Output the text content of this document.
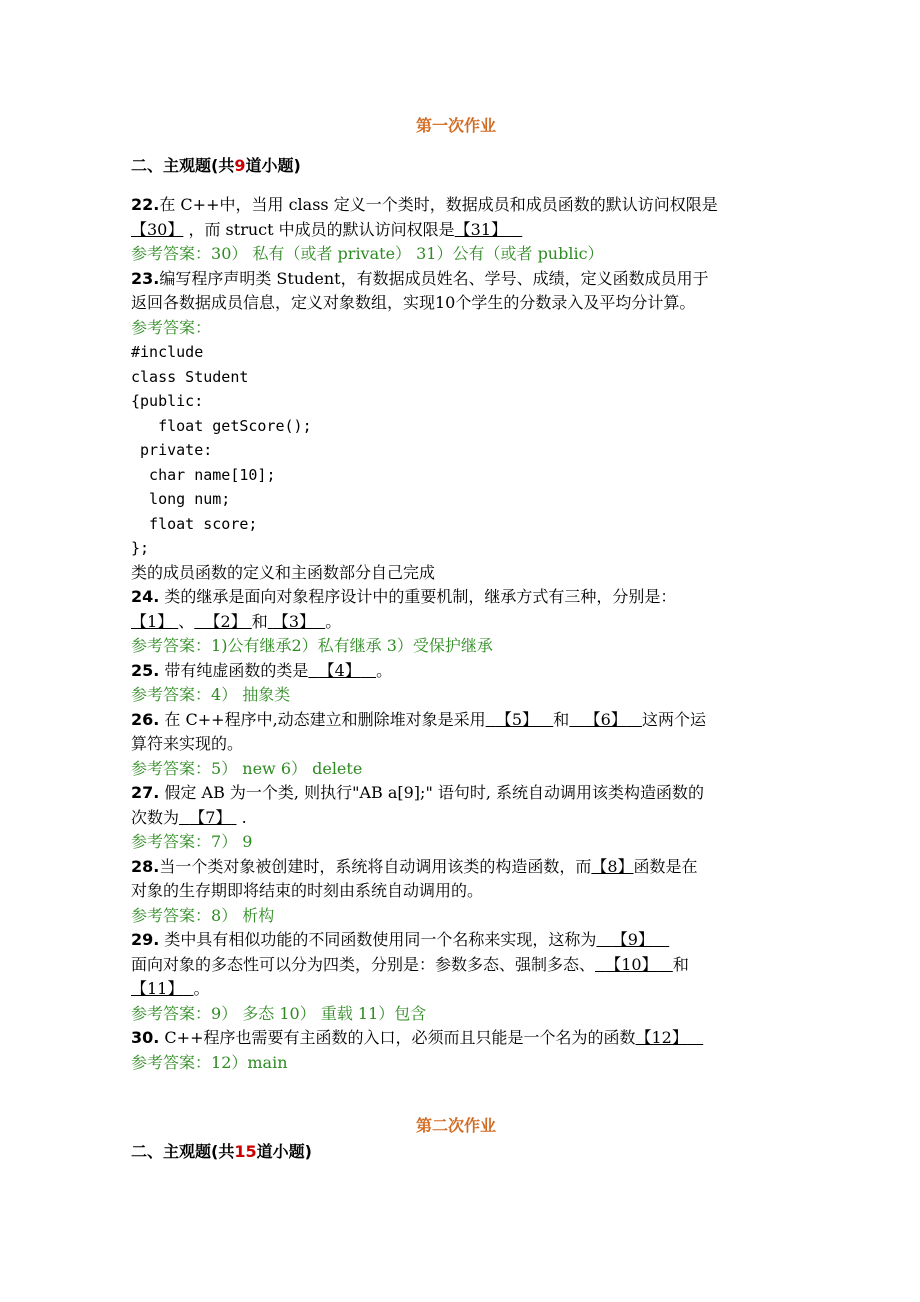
第一次作业
二、主观题(共9道小题)
22.在 C++中，当用 class 定义一个类时，数据成员和成员函数的默认访问权限是
【30】 ，而 struct 中成员的默认访问权限是【31】
参考答案：30） 私有（或者 private） 31）公有（或者 public）
23.编写程序声明类 Student，有数据成员姓名、学号、成绩，定义函数成员用于
返回各数据成员信息，定义对象数组，实现10个学生的分数录入及平均分计算。
参考答案：
#include
class Student
{public:
float getScore();
private:
char name[10];
long num;
float score;
};
类的成员函数的定义和主函数部分自己完成
24. 类的继承是面向对象程序设计中的重要机制，继承方式有三种，分别是：
【1】 、 【2】 和 【3】 。
参考答案：1)公有继承2）私有继承 3）受保护继承
25. 带有纯虚函数的类是 【4】 。
参考答案：4） 抽象类
26. 在 C++程序中,动态建立和删除堆对象是采用 【5】 和 【6】 这两个运
算符来实现的。
参考答案：5） new 6） delete
27. 假定 AB 为一个类, 则执行"AB a[9];" 语句时, 系统自动调用该类构造函数的
次数为 【7】 .
参考答案：7） 9
28.当一个类对象被创建时，系统将自动调用该类的构造函数，而【8】函数是在
对象的生存期即将结束的时刻由系统自动调用的。
参考答案：8） 析构
29. 类中具有相似功能的不同函数使用同一个名称来实现，这称为 【9】
面向对象的多态性可以分为四类，分别是：参数多态、强制多态、 【10】 和
【11】 。
参考答案：9） 多态 10） 重载 11）包含
30. C++程序也需要有主函数的入口，必须而且只能是一个名为的函数【12】
参考答案：12）main
第二次作业
二、主观题(共15道小题)
